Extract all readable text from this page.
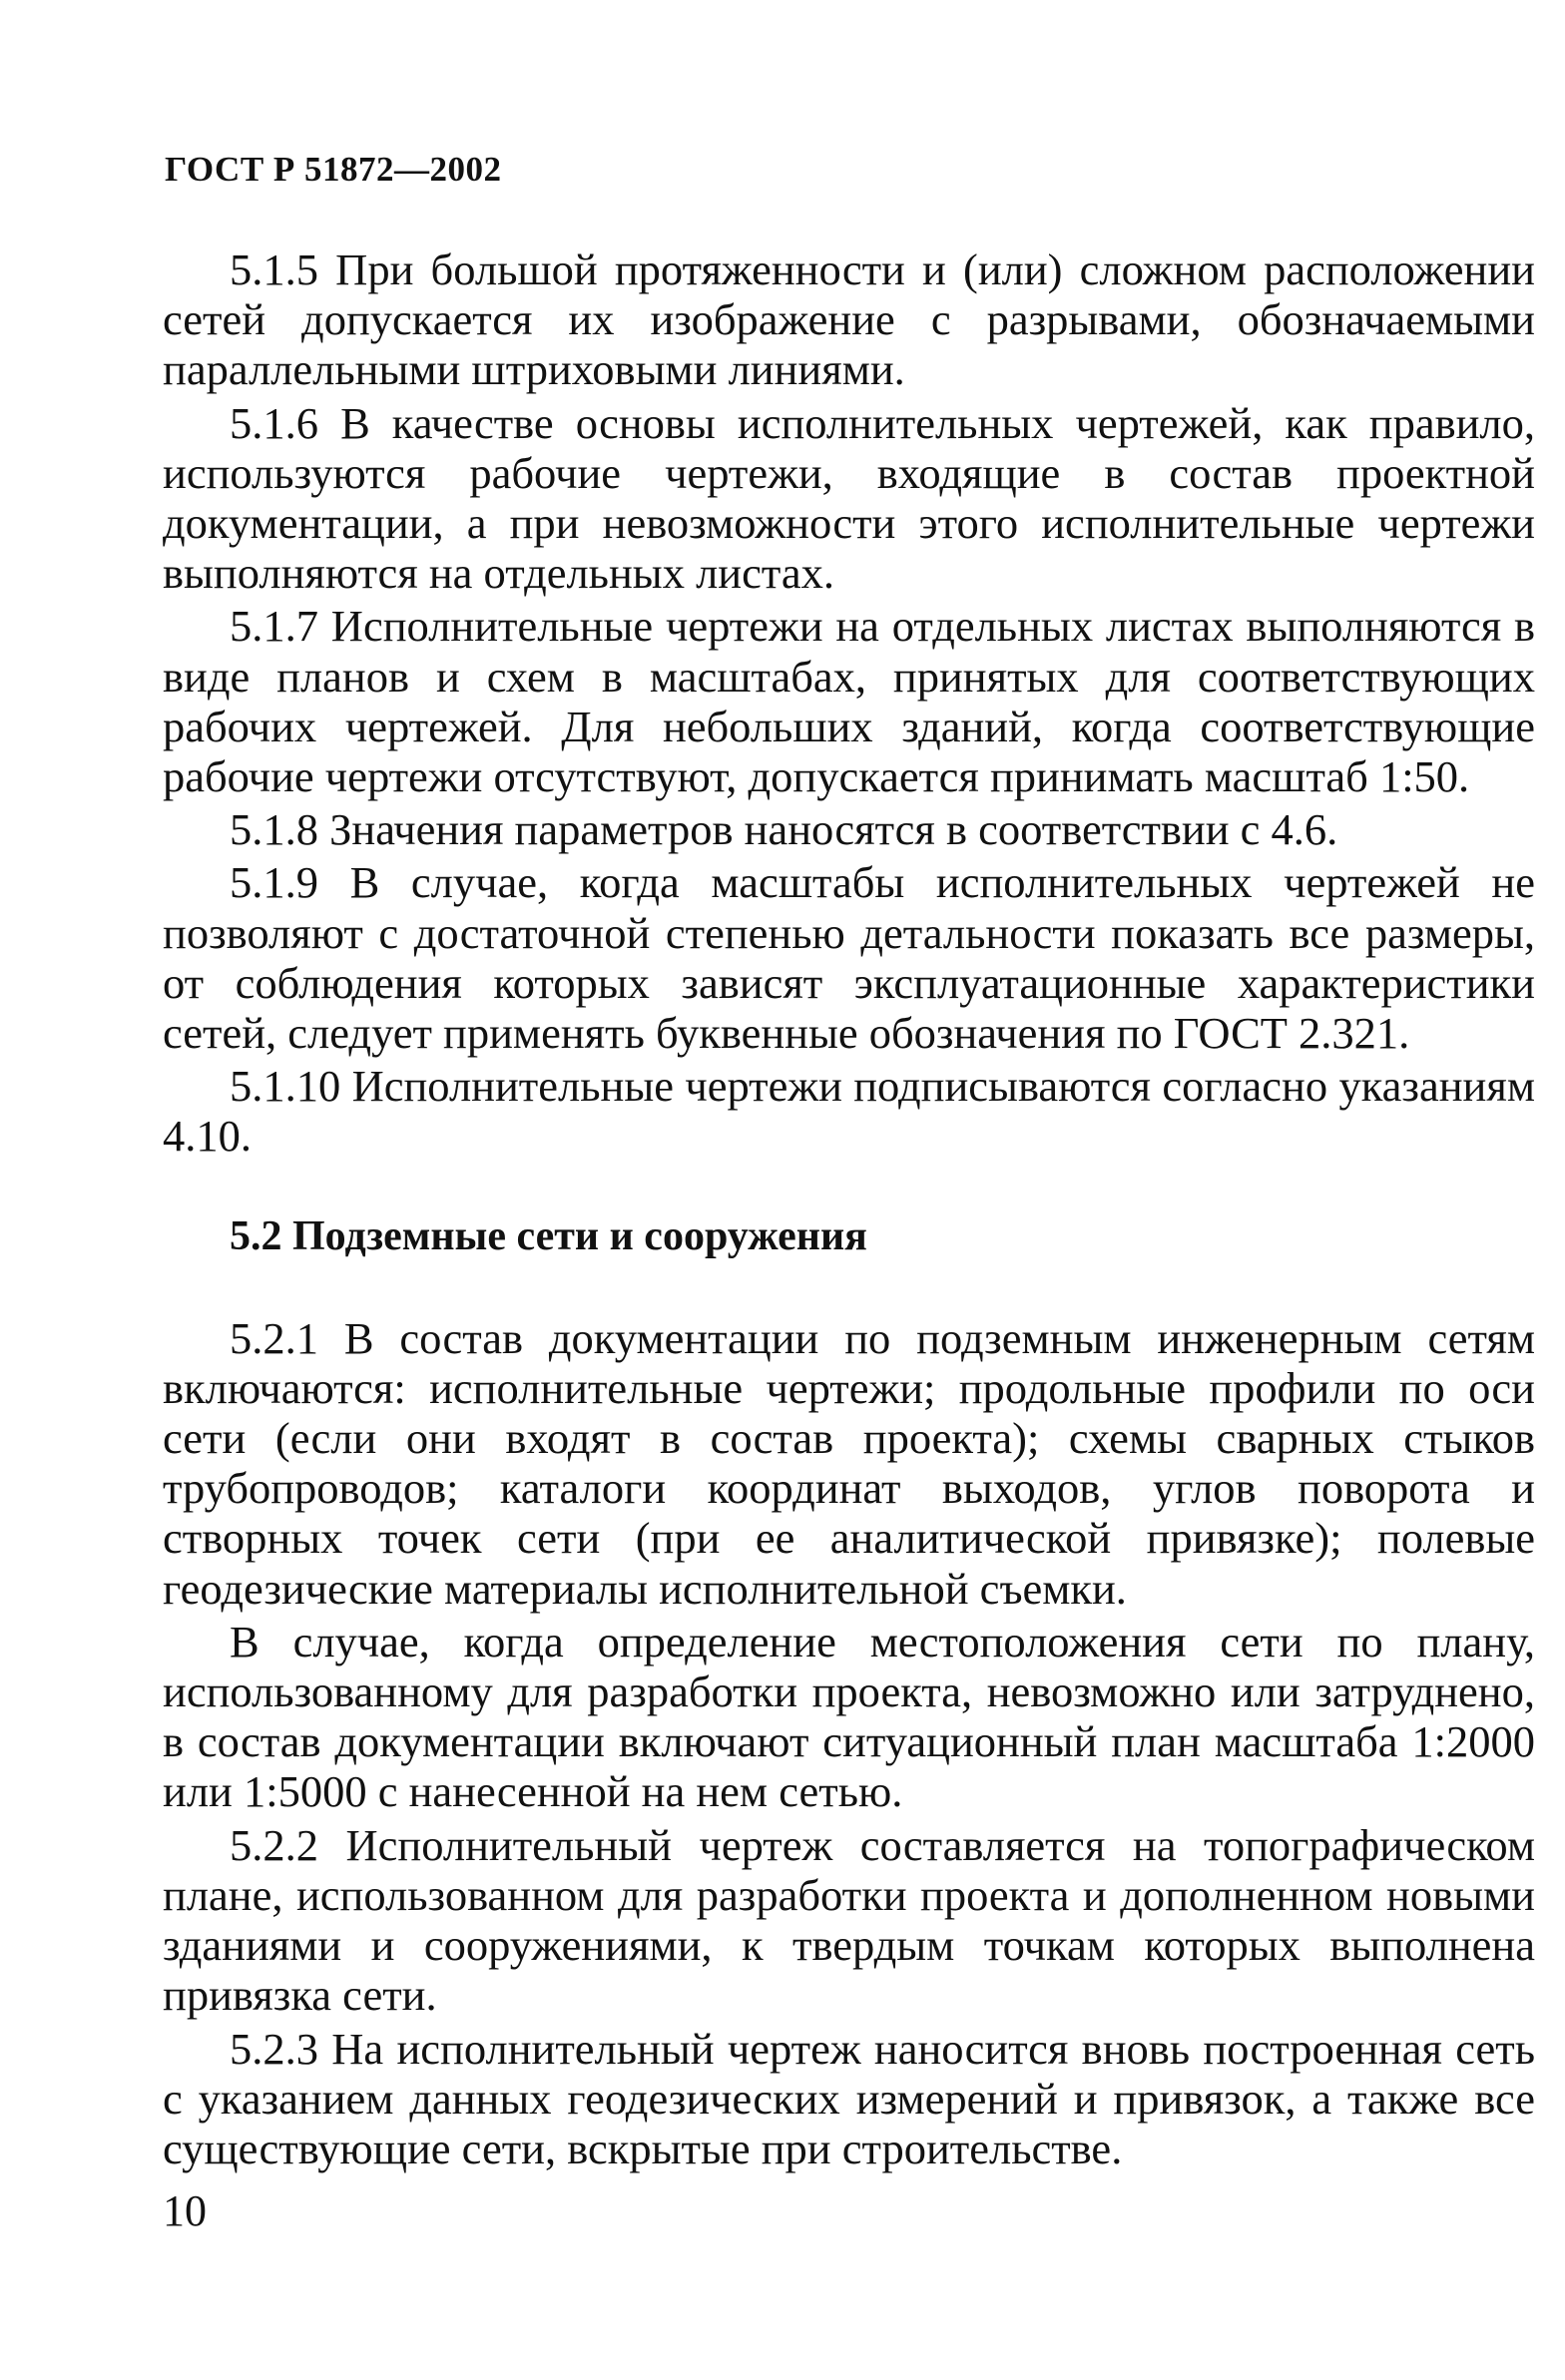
ГОСТ Р 51872—2002

5.1.5 При большой протяженности и (или) сложном расположении сетей допускается их изображение с разрывами, обозначаемыми параллельными штриховыми линиями.

5.1.6 В качестве основы исполнительных чертежей, как правило, используются рабочие чертежи, входящие в состав проектной документации, а при невозможности этого исполнительные чертежи выполняются на отдельных листах.

5.1.7 Исполнительные чертежи на отдельных листах выполняются в виде планов и схем в масштабах, принятых для соответствующих рабочих чертежей. Для небольших зданий, когда соответствующие рабочие чертежи отсутствуют, допускается принимать масштаб 1:50.

5.1.8 Значения параметров наносятся в соответствии с 4.6.

5.1.9 В случае, когда масштабы исполнительных чертежей не позволяют с достаточной степенью детальности показать все размеры, от соблюдения которых зависят эксплуатационные характеристики сетей, следует применять буквенные обозначения по ГОСТ 2.321.

5.1.10 Исполнительные чертежи подписываются согласно указаниям 4.10.

5.2 Подземные сети и сооружения

5.2.1 В состав документации по подземным инженерным сетям включаются: исполнительные чертежи; продольные профили по оси сети (если они входят в состав проекта); схемы сварных стыков трубопроводов; каталоги координат выходов, углов поворота и створных точек сети (при ее аналитической привязке); полевые геодезические материалы исполнительной съемки.

В случае, когда определение местоположения сети по плану, использованному для разработки проекта, невозможно или затруднено, в состав документации включают ситуационный план масштаба 1:2000 или 1:5000 с нанесенной на нем сетью.

5.2.2 Исполнительный чертеж составляется на топографическом плане, использованном для разработки проекта и дополненном новыми зданиями и сооружениями, к твердым точкам которых выполнена привязка сети.

5.2.3 На исполнительный чертеж наносится вновь построенная сеть с указанием данных геодезических измерений и привязок, а также все существующие сети, вскрытые при строительстве.

10
